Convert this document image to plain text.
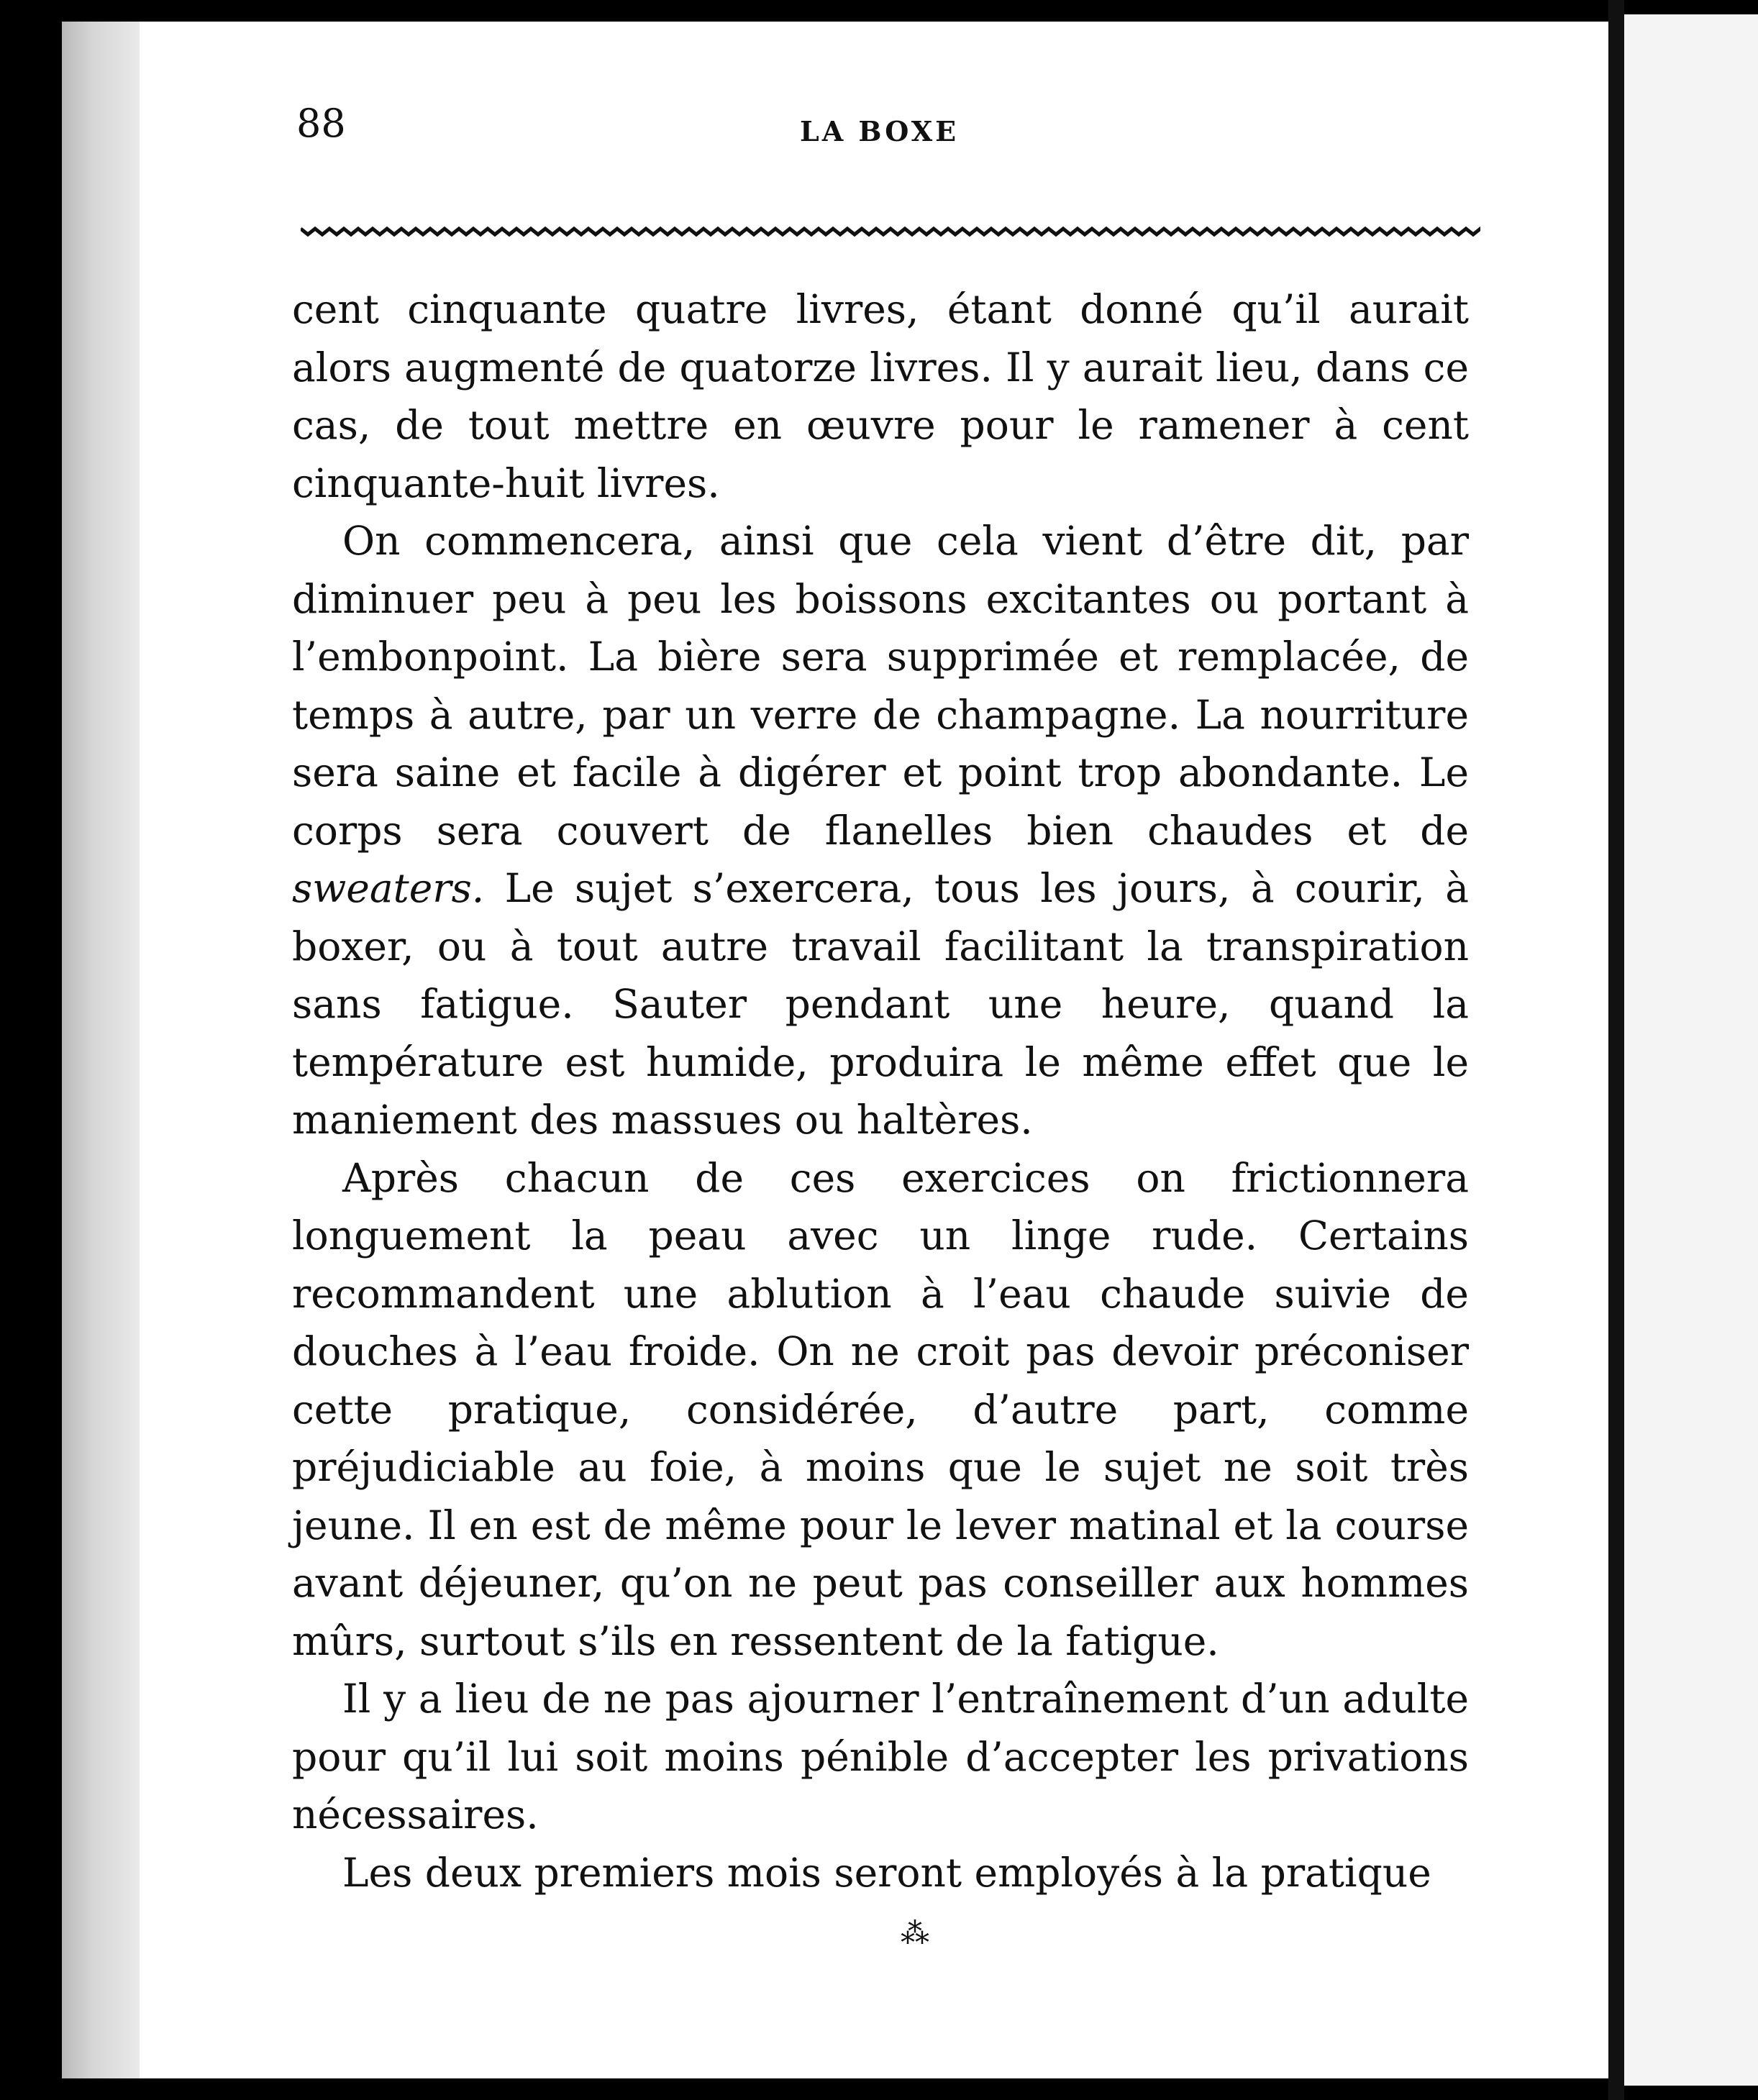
88	LA BOXE

cent cinquante quatre livres, étant donné qu’il aurait alors augmenté de quatorze livres. Il y aurait lieu, dans ce cas, de tout mettre en œuvre pour le ramener à cent cinquante-huit livres.

On commencera, ainsi que cela vient d’être dit, par diminuer peu à peu les boissons excitantes ou portant à l’embonpoint. La bière sera supprimée et remplacée, de temps à autre, par un verre de champagne. La nourriture sera saine et facile à digérer et point trop abondante. Le corps sera couvert de flanelles bien chaudes et de sweaters. Le sujet s’exercera, tous les jours, à courir, à boxer, ou à tout autre travail facilitant la transpiration sans fatigue. Sauter pendant une heure, quand la température est humide, produira le même effet que le maniement des massues ou haltères.

Après chacun de ces exercices on frictionnera longuement la peau avec un linge rude. Certains recommandent une ablution à l’eau chaude suivie de douches à l’eau froide. On ne croit pas devoir préconiser cette pratique, considérée, d’autre part, comme préjudiciable au foie, à moins que le sujet ne soit très jeune. Il en est de même pour le lever matinal et la course avant déjeuner, qu’on ne peut pas conseiller aux hommes mûrs, surtout s’ils en ressentent de la fatigue.

Il y a lieu de ne pas ajourner l’entraînement d’un adulte pour qu’il lui soit moins pénible d’accepter les privations nécessaires.

Les deux premiers mois seront employés à la pratique

⁂
